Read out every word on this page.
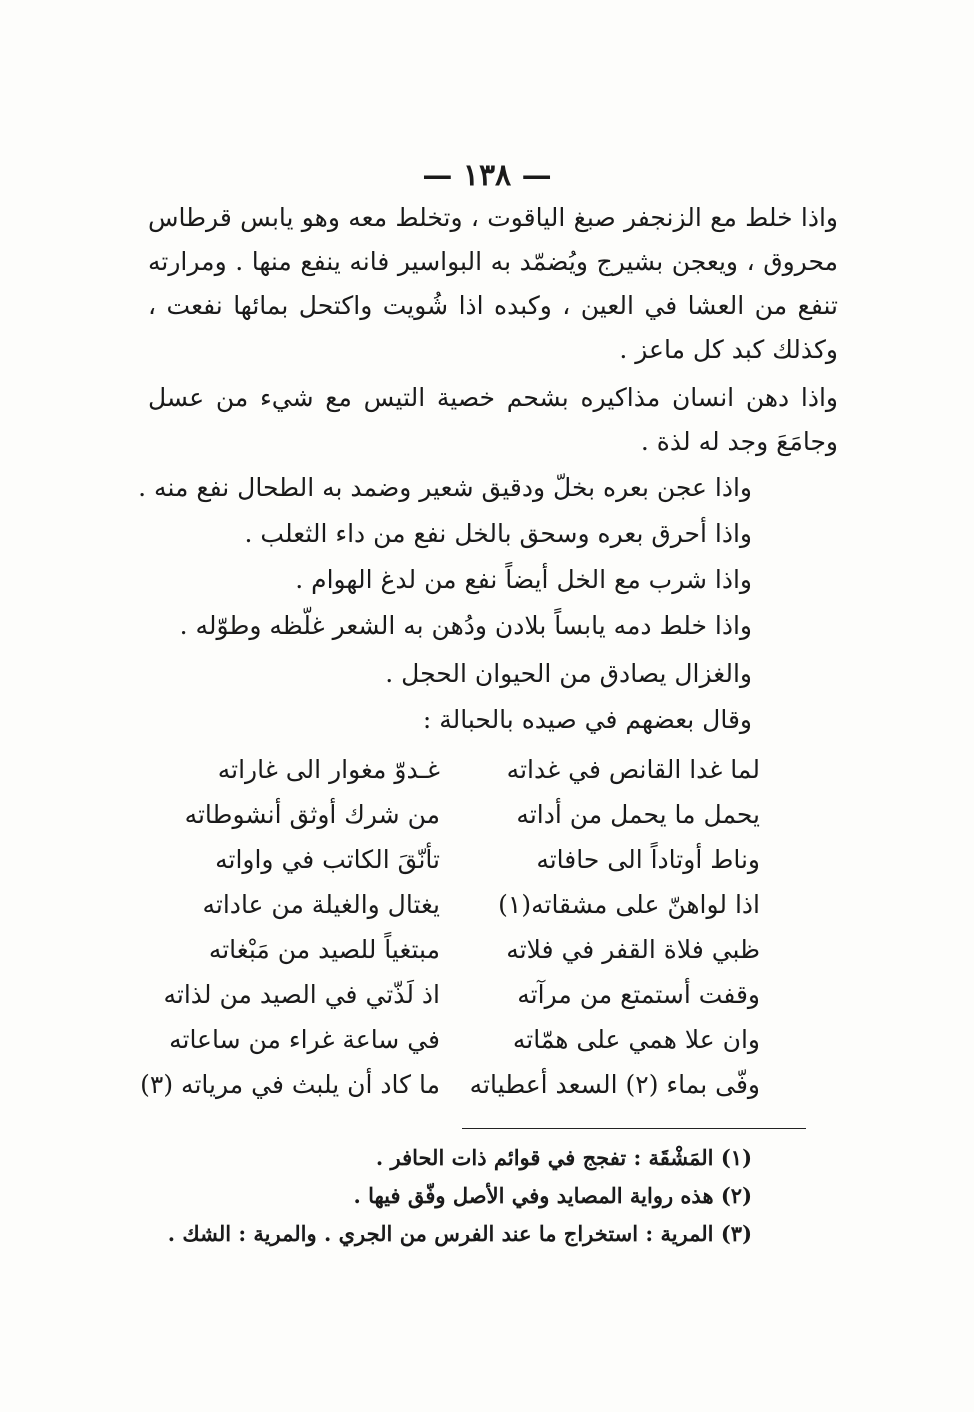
— ١٣٨ —

واذا خلط مع الزنجفر صبغ الياقوت ، وتخلط معه وهو يابس قرطاس محروق ، ويعجن بشيرج ويُضمّد به البواسير فانه ينفع منها . ومرارته تنفع من العشا في العين ، وكبده اذا شُويت واكتحل بمائها نفعت ، وكذلك كبد كل ماعز .

واذا دهن انسان مذاكيره بشحم خصية التيس مع شيء من عسل وجامَعَ وجد له لذة .

واذا عجن بعره بخلّ ودقيق شعير وضمد به الطحال نفع منه .
واذا أحرق بعره وسحق بالخل نفع من داء الثعلب .
واذا شرب مع الخل أيضاً نفع من لدغ الهوام .
واذا خلط دمه يابساً بلادن ودُهن به الشعر غلّظه وطوّله .
والغزال يصادق من الحيوان الحجل .
وقال بعضهم في صيده بالحبالة :
لما غدا القانص في غداته
غـدوّ مغوار الى غاراته
يحمل ما يحمل من أداته
من شرك أوثق أنشوطاته
وناط أوتاداً الى حافاته
تأنّقَ الكاتب في واواته
اذا لواهنّ على مشقاته(١)
يغتال والغيلة من عاداته
ظبي فلاة القفر في فلاته
مبتغياً للصيد من مَبْغاته
وقفت أستمتع من مرآته
اذ لَذّتي في الصيد من لذاته
وان علا همي على همّاته
في ساعة غراء من ساعاته
وفّى بماء (٢) السعد أعطياته
ما كاد أن يلبث في مرياته (٣)
(١) المَشْقَة : تفجج في قوائم ذات الحافر .
(٢) هذه رواية المصايد وفي الأصل وفّق فيها .
(٣) المرية : استخراج ما عند الفرس من الجري . والمرية : الشك .
